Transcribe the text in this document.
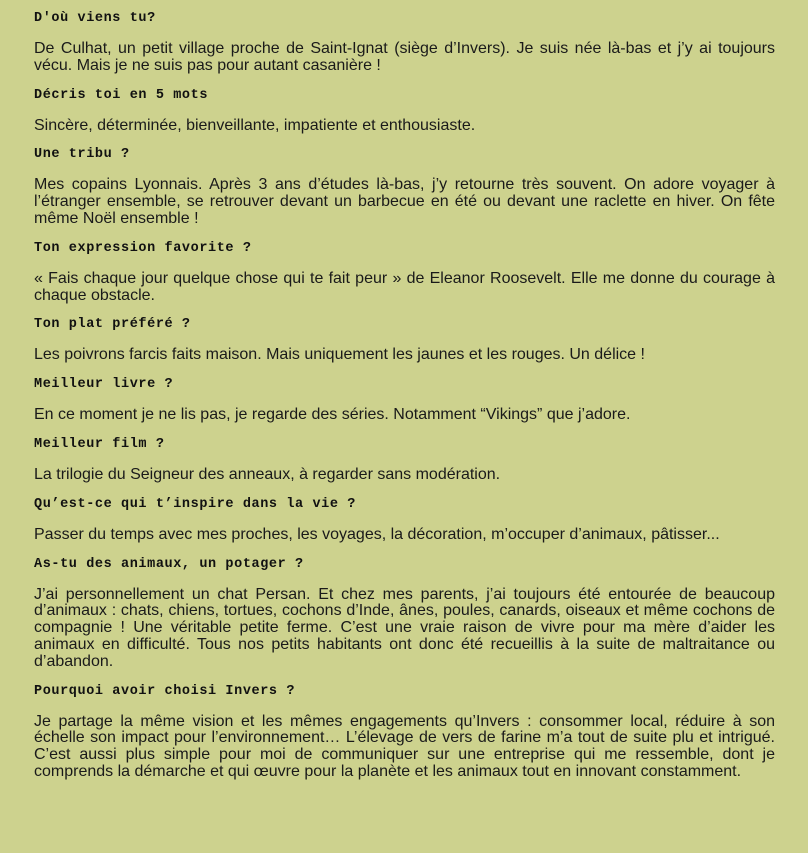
D'où viens tu?

De Culhat, un petit village proche de Saint-Ignat (siège d’Invers). Je suis née là-bas et j’y ai toujours vécu. Mais je ne suis pas pour autant casanière !

Décris toi en 5 mots

Sincère, déterminée, bienveillante, impatiente et enthousiaste.

Une tribu ?

Mes copains Lyonnais. Après 3 ans d’études là-bas, j’y retourne très souvent. On adore voyager à l’étranger ensemble, se retrouver devant un barbecue en été ou devant une raclette en hiver. On fête même Noël ensemble !

Ton expression favorite ?

« Fais chaque jour quelque chose qui te fait peur » de Eleanor Roosevelt. Elle me donne du courage à chaque obstacle.

Ton plat préféré ?

Les poivrons farcis faits maison. Mais uniquement les jaunes et les rouges. Un délice !

Meilleur livre ?

En ce moment je ne lis pas, je regarde des séries. Notamment “Vikings” que j’adore.

Meilleur film ?

La trilogie du Seigneur des anneaux, à regarder sans modération.

Qu’est-ce qui t’inspire dans la vie ?

Passer du temps avec mes proches, les voyages, la décoration, m’occuper d’animaux, pâtisser...

As-tu des animaux, un potager ?

J’ai personnellement un chat Persan. Et chez mes parents, j’ai toujours été entourée de beaucoup d’animaux : chats, chiens, tortues, cochons d’Inde, ânes, poules, canards, oiseaux et même cochons de compagnie ! Une véritable petite ferme. C’est une vraie raison de vivre pour ma mère d’aider les animaux en difficulté. Tous nos petits habitants ont donc été recueillis à la suite de maltraitance ou d’abandon.

Pourquoi avoir choisi Invers ?

Je partage la même vision et les mêmes engagements qu’Invers : consommer local, réduire à son échelle son impact pour l’environnement… L’élevage de vers de farine m’a tout de suite plu et intrigué. C’est aussi plus simple pour moi de communiquer sur une entreprise qui me ressemble, dont je comprends la démarche et qui œuvre pour la planète et les animaux tout en innovant constamment.
